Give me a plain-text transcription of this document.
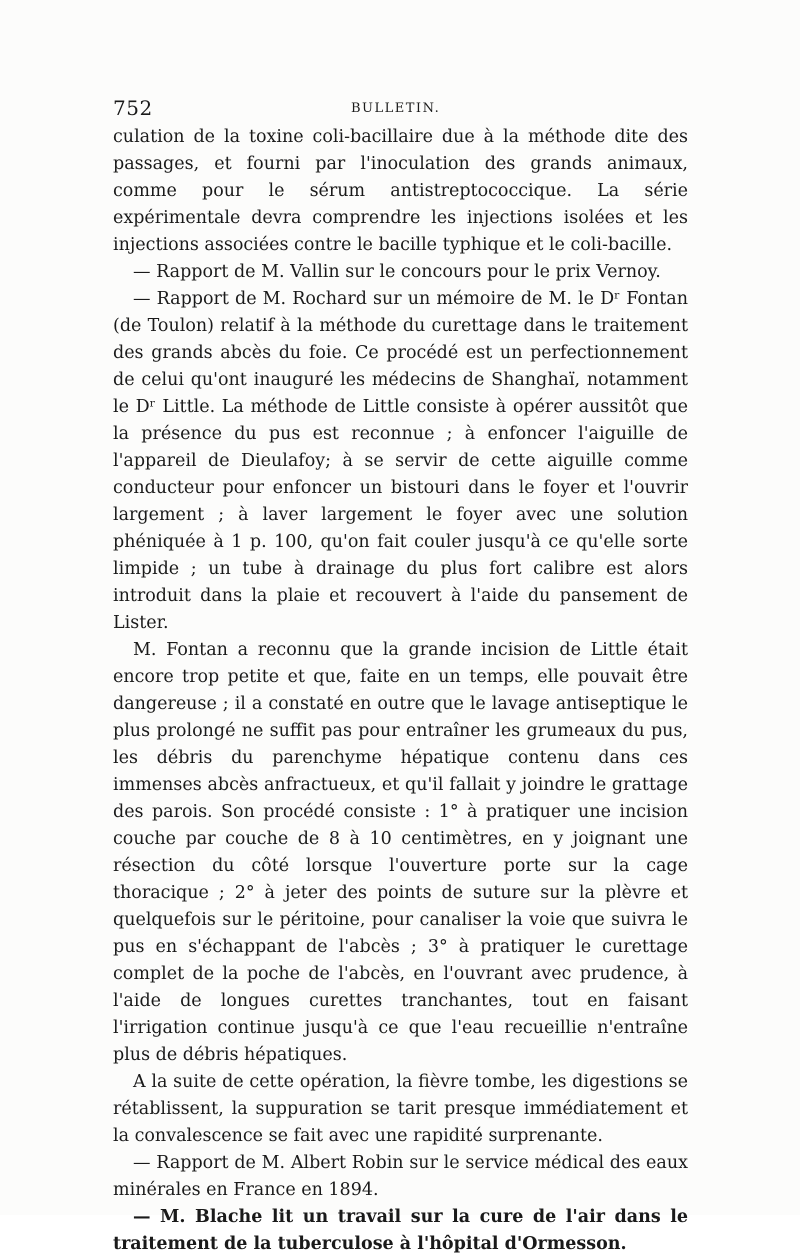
752	BULLETIN.

culation de la toxine coli-bacillaire due à la méthode dite des passages, et fourni par l'inoculation des grands animaux, comme pour le sérum antistreptococcique. La série expérimentale devra comprendre les injections isolées et les injections associées contre le bacille typhique et le coli-bacille.

— Rapport de M. Vallin sur le concours pour le prix Vernoy.

— Rapport de M. Rochard sur un mémoire de M. le Dʳ Fontan (de Toulon) relatif à la méthode du curettage dans le traitement des grands abcès du foie. Ce procédé est un perfectionnement de celui qu'ont inauguré les médecins de Shanghaï, notamment le Dʳ Little. La méthode de Little consiste à opérer aussitôt que la présence du pus est reconnue ; à enfoncer l'aiguille de l'appareil de Dieulafoy; à se servir de cette aiguille comme conducteur pour enfoncer un bistouri dans le foyer et l'ouvrir largement ; à laver largement le foyer avec une solution phéniquée à 1 p. 100, qu'on fait couler jusqu'à ce qu'elle sorte limpide ; un tube à drainage du plus fort calibre est alors introduit dans la plaie et recouvert à l'aide du pansement de Lister.

M. Fontan a reconnu que la grande incision de Little était encore trop petite et que, faite en un temps, elle pouvait être dangereuse ; il a constaté en outre que le lavage antiseptique le plus prolongé ne suffit pas pour entraîner les grumeaux du pus, les débris du parenchyme hépatique contenu dans ces immenses abcès anfractueux, et qu'il fallait y joindre le grattage des parois. Son procédé consiste : 1° à pratiquer une incision couche par couche de 8 à 10 centimètres, en y joignant une résection du côté lorsque l'ouverture porte sur la cage thoracique ; 2° à jeter des points de suture sur la plèvre et quelquefois sur le péritoine, pour canaliser la voie que suivra le pus en s'échappant de l'abcès ; 3° à pratiquer le curettage complet de la poche de l'abcès, en l'ouvrant avec prudence, à l'aide de longues curettes tranchantes, tout en faisant l'irrigation continue jusqu'à ce que l'eau recueillie n'entraîne plus de débris hépatiques.

A la suite de cette opération, la fièvre tombe, les digestions se rétablissent, la suppuration se tarit presque immédiatement et la convalescence se fait avec une rapidité surprenante.

— Rapport de M. Albert Robin sur le service médical des eaux minérales en France en 1894.

— M. Blache lit un travail sur la cure de l'air dans le traitement de la tuberculose à l'hôpital d'Ormesson.
